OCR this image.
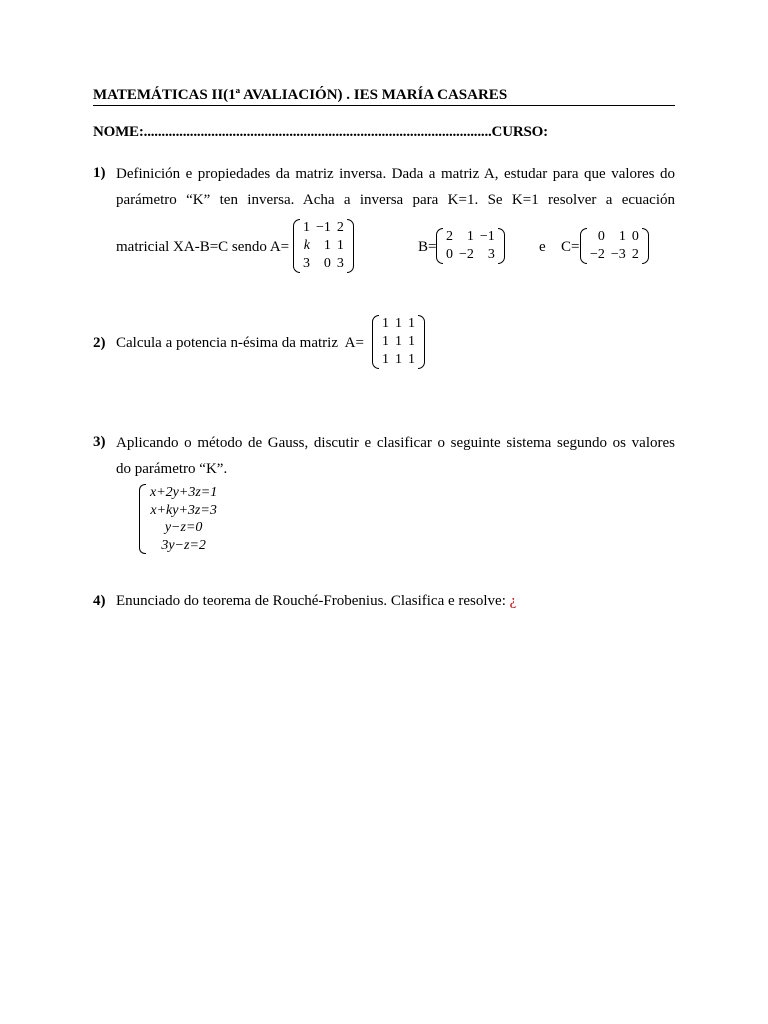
MATEMÁTICAS II(1ª AVALIACIÓN) . IES MARÍA CASARES
NOME:..................................................................................................CURSO:
1) Definición e propiedades da matriz inversa. Dada a matriz A, estudar para que valores do
parámetro “K” ten inversa. Acha a inversa para K=1. Se K=1 resolver a ecuación
matricial XA-B=C sendo A=
1	−1	2
k	1	1
3	0	3
B=
2	1	−1
0	−2	3	e C=
0	1	0
−2	−3	2
2) Calcula a potencia n-ésima da matriz  A=
1	1	1
1	1	1
1	1	1
3) Aplicando o método de Gauss, discutir e clasificar o seguinte sistema segundo os valores
do parámetro “K”.
x+2y+3z=1
x+ky+3z=3
y−z=0
3y−z=2
4) Enunciado do teorema de Rouché-Frobenius. Clasifica e resolve: ¿
